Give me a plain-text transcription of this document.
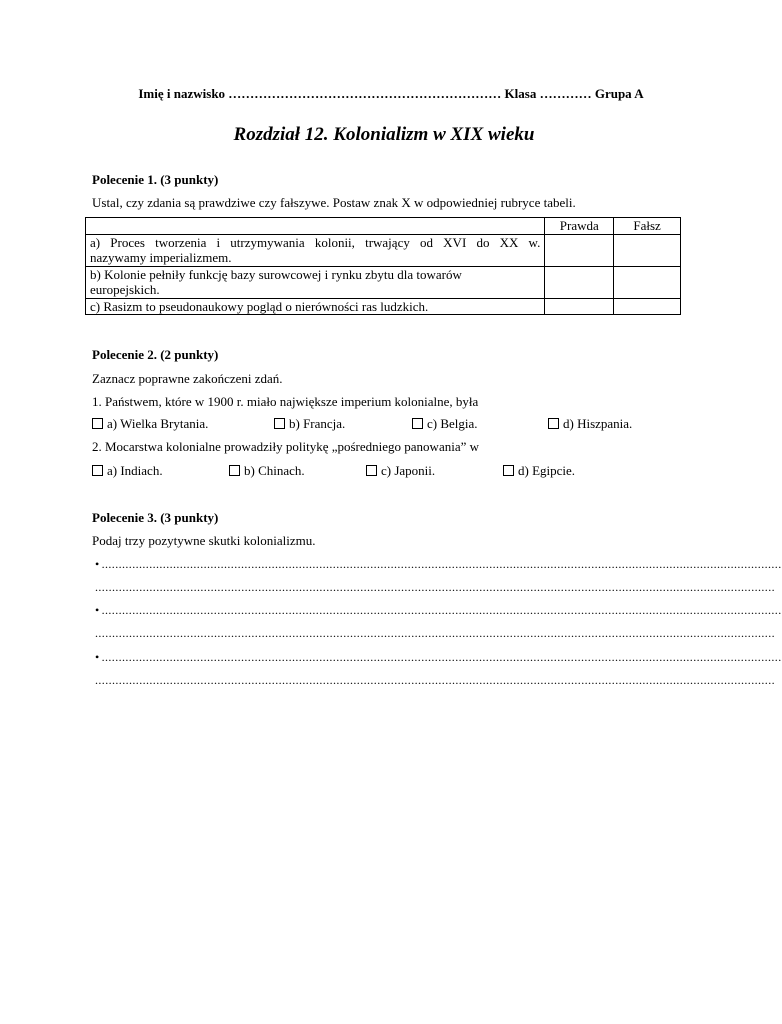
Imię i nazwisko ……………………………………………………… Klasa ………… Grupa A
Rozdział 12. Kolonializm w XIX wieku
Polecenie 1. (3 punkty)
Ustal, czy zdania są prawdziwe czy fałszywe. Postaw znak X w odpowiedniej rubryce tabeli.
	Prawda	Fałsz

a) Proces tworzenia i utrzymywania kolonii, trwający od XVI do XX w.
nazywamy imperializmem.		

b) Kolonie pełniły funkcję bazy surowcowej i rynku zbytu dla towarów
europejskich.		
c) Rasizm to pseudonaukowy pogląd o nierówności ras ludzkich.		
Polecenie 2. (2 punkty)
Zaznacz poprawne zakończeni zdań.
1. Państwem, które w 1900 r. miało największe imperium kolonialne, była
a) Wielka Brytania.	b) Francja.	c) Belgia.	d) Hiszpania.
2. Mocarstwa kolonialne prowadziły politykę „pośredniego panowania” w
a) Indiach.	b) Chinach.	c) Japonii.	d) Egipcie.
Polecenie 3. (3 punkty)
Podaj trzy pozytywne skutki kolonializmu.
• ........................................................................................................................................................................................................
........................................................................................................................................................................................................
• ........................................................................................................................................................................................................
........................................................................................................................................................................................................
• ........................................................................................................................................................................................................
........................................................................................................................................................................................................
